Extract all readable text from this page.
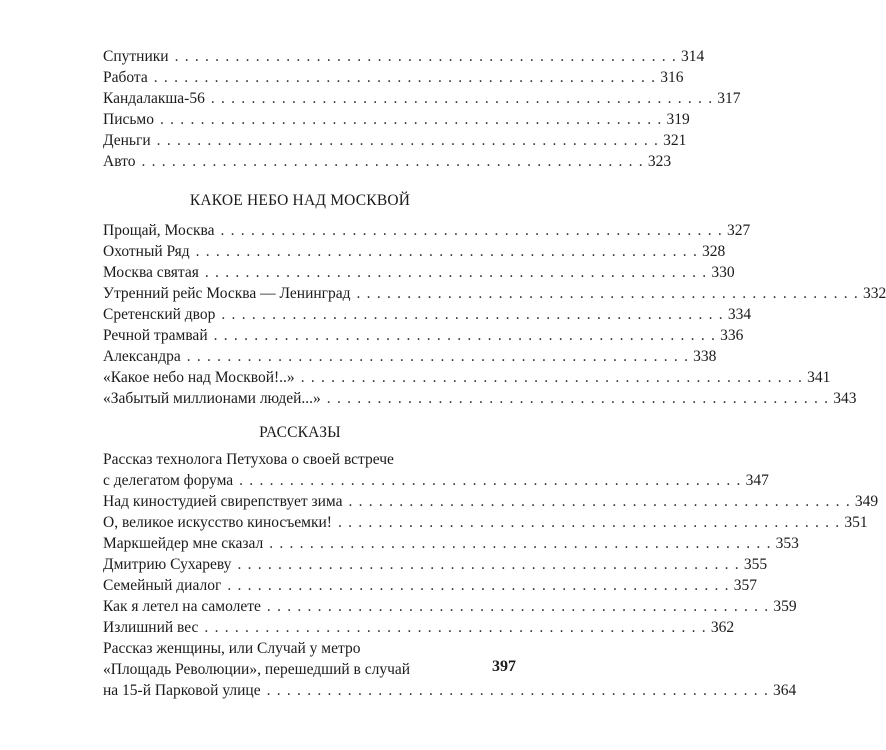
Спутники . . . . . . . . . . . . . . . . . . . . . . . . . . . . . . . . . . . . . . . . . . . . . . . . . . 314
Работа . . . . . . . . . . . . . . . . . . . . . . . . . . . . . . . . . . . . . . . . . . . . . . . . . . 316
Кандалакша-56 . . . . . . . . . . . . . . . . . . . . . . . . . . . . . . . . . . . . . . . . . . . . . . . . . . 317
Письмо . . . . . . . . . . . . . . . . . . . . . . . . . . . . . . . . . . . . . . . . . . . . . . . . . . 319
Деньги . . . . . . . . . . . . . . . . . . . . . . . . . . . . . . . . . . . . . . . . . . . . . . . . . . 321
Авто . . . . . . . . . . . . . . . . . . . . . . . . . . . . . . . . . . . . . . . . . . . . . . . . . . 323
КАКОЕ НЕБО НАД МОСКВОЙ
Прощай, Москва . . . . . . . . . . . . . . . . . . . . . . . . . . . . . . . . . . . . . . . . . . . . . . . . . . 327
Охотный Ряд . . . . . . . . . . . . . . . . . . . . . . . . . . . . . . . . . . . . . . . . . . . . . . . . . . 328
Москва святая . . . . . . . . . . . . . . . . . . . . . . . . . . . . . . . . . . . . . . . . . . . . . . . . . . 330
Утренний рейс Москва — Ленинград . . . . . . . . . . . . . . . . . . . . . . . . . . . . . . . . . . . . . . . . . . . . . . . . . . 332
Сретенский двор . . . . . . . . . . . . . . . . . . . . . . . . . . . . . . . . . . . . . . . . . . . . . . . . . . 334
Речной трамвай . . . . . . . . . . . . . . . . . . . . . . . . . . . . . . . . . . . . . . . . . . . . . . . . . . 336
Александра . . . . . . . . . . . . . . . . . . . . . . . . . . . . . . . . . . . . . . . . . . . . . . . . . . 338
«Какое небо над Москвой!..» . . . . . . . . . . . . . . . . . . . . . . . . . . . . . . . . . . . . . . . . . . . . . . . . . . 341
«Забытый миллионами людей...» . . . . . . . . . . . . . . . . . . . . . . . . . . . . . . . . . . . . . . . . . . . . . . . . . . 343
РАССКАЗЫ
Рассказ технолога Петухова о своей встрече
с делегатом форума . . . . . . . . . . . . . . . . . . . . . . . . . . . . . . . . . . . . . . . . . . . . . . . . . . 347
Над киностудией свирепствует зима . . . . . . . . . . . . . . . . . . . . . . . . . . . . . . . . . . . . . . . . . . . . . . . . . . 349
О, великое искусство киносъемки! . . . . . . . . . . . . . . . . . . . . . . . . . . . . . . . . . . . . . . . . . . . . . . . . . . 351
Маркшейдер мне сказал . . . . . . . . . . . . . . . . . . . . . . . . . . . . . . . . . . . . . . . . . . . . . . . . . . 353
Дмитрию Сухареву . . . . . . . . . . . . . . . . . . . . . . . . . . . . . . . . . . . . . . . . . . . . . . . . . . 355
Семейный диалог . . . . . . . . . . . . . . . . . . . . . . . . . . . . . . . . . . . . . . . . . . . . . . . . . . 357
Как я летел на самолете . . . . . . . . . . . . . . . . . . . . . . . . . . . . . . . . . . . . . . . . . . . . . . . . . . 359
Излишний вес . . . . . . . . . . . . . . . . . . . . . . . . . . . . . . . . . . . . . . . . . . . . . . . . . . 362
Рассказ женщины, или Случай у метро
«Площадь Революции», перешедший в случай
на 15-й Парковой улице . . . . . . . . . . . . . . . . . . . . . . . . . . . . . . . . . . . . . . . . . . . . . . . . . . 364
397
